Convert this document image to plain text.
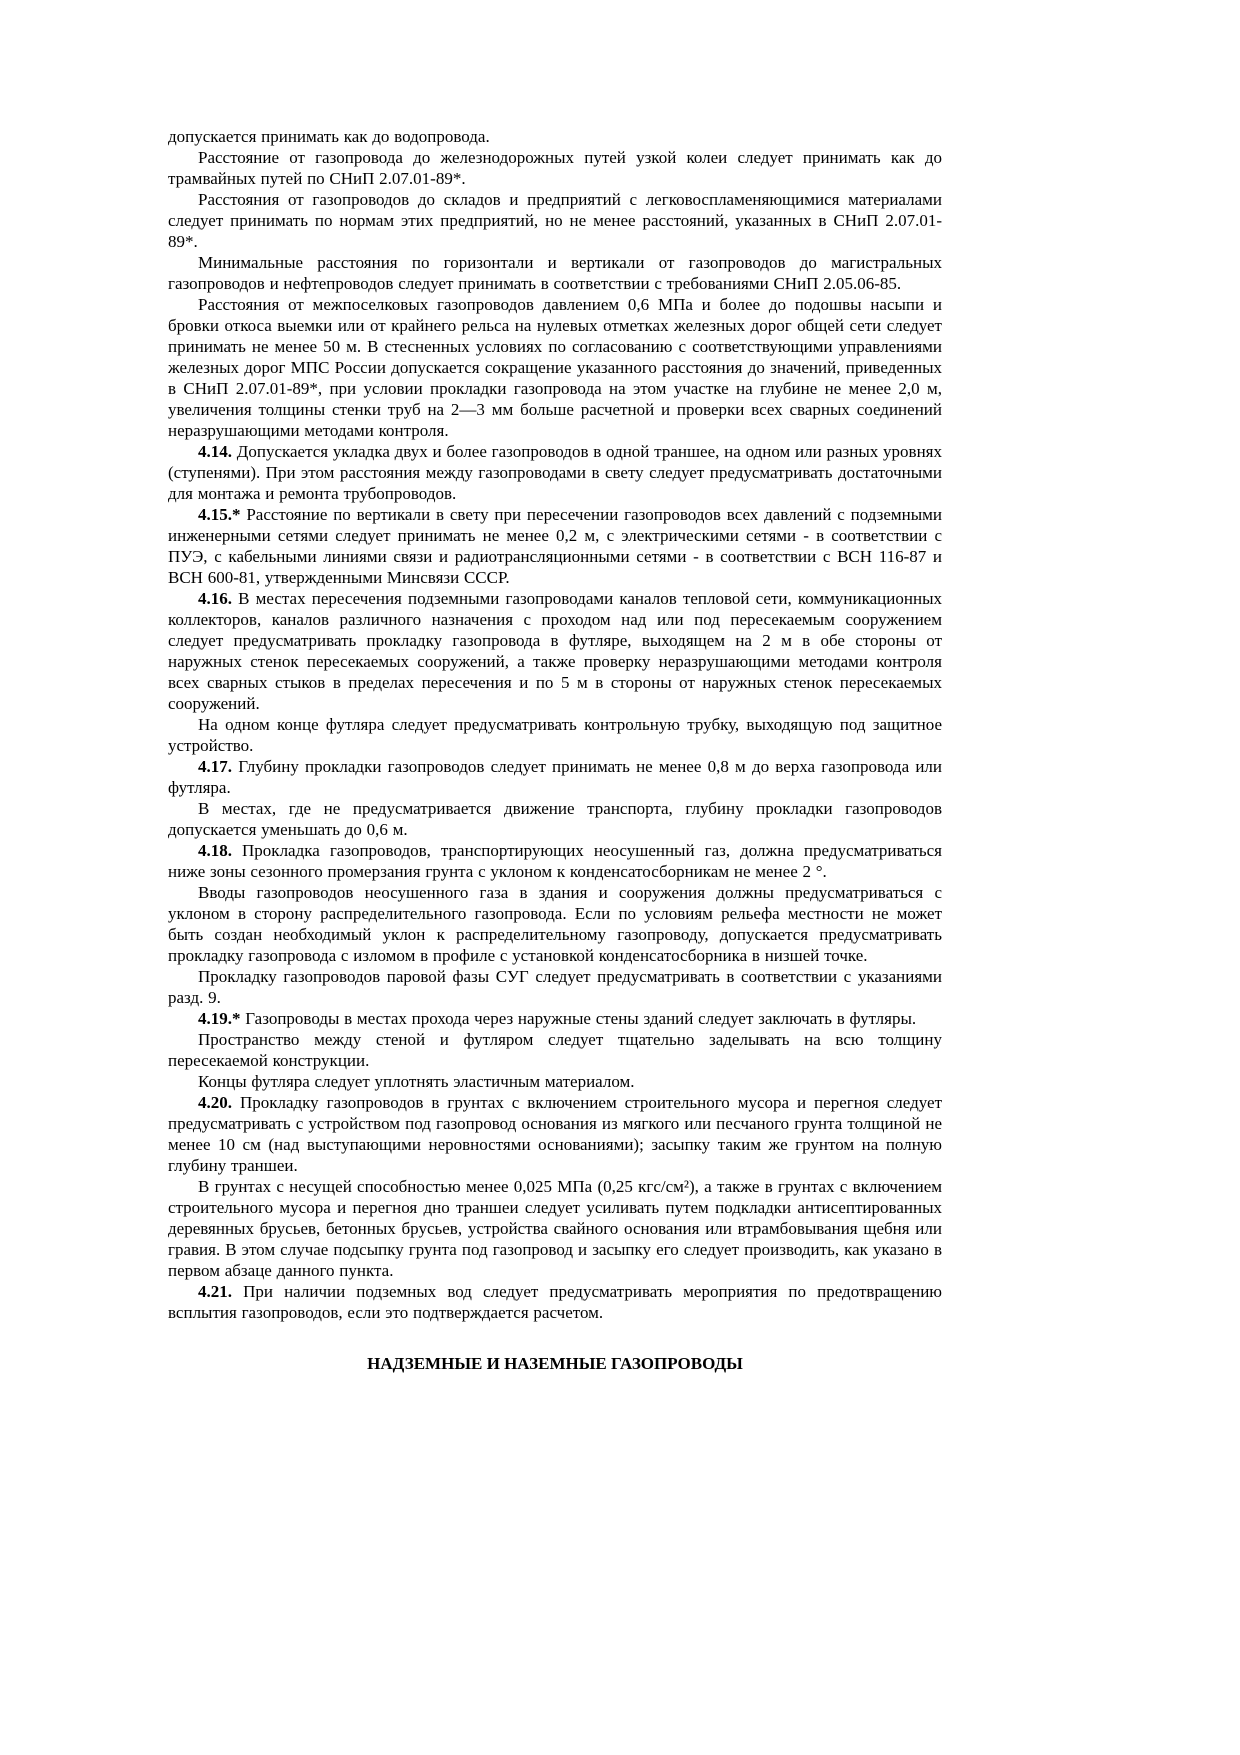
допускается принимать как до водопровода.

Расстояние от газопровода до железнодорожных путей узкой колеи следует принимать как до трамвайных путей по СНиП 2.07.01-89*.

Расстояния от газопроводов до складов и предприятий с легковоспламеняющимися материалами следует принимать по нормам этих предприятий, но не менее расстояний, указанных в СНиП 2.07.01-89*.

Минимальные расстояния по горизонтали и вертикали от газопроводов до магистральных газопроводов и нефтепроводов следует принимать в соответствии с требованиями СНиП 2.05.06-85.

Расстояния от межпоселковых газопроводов давлением 0,6 МПа и более до подошвы насыпи и бровки откоса выемки или от крайнего рельса на нулевых отметках железных дорог общей сети следует принимать не менее 50 м. В стесненных условиях по согласованию с соответствующими управлениями железных дорог МПС России допускается сокращение указанного расстояния до значений, приведенных в СНиП 2.07.01-89*, при условии прокладки газопровода на этом участке на глубине не менее 2,0 м, увеличения толщины стенки труб на 2—3 мм больше расчетной и проверки всех сварных соединений неразрушающими методами контроля.

4.14. Допускается укладка двух и более газопроводов в одной траншее, на одном или разных уровнях (ступенями). При этом расстояния между газопроводами в свету следует предусматривать достаточными для монтажа и ремонта трубопроводов.

4.15.* Расстояние по вертикали в свету при пересечении газопроводов всех давлений с подземными инженерными сетями следует принимать не менее 0,2 м, с электрическими сетями - в соответствии с ПУЭ, с кабельными линиями связи и радиотрансляционными сетями - в соответствии с ВСН 116-87 и ВСН 600-81, утвержденными Минсвязи СССР.

4.16. В местах пересечения подземными газопроводами каналов тепловой сети, коммуникационных коллекторов, каналов различного назначения с проходом над или под пересекаемым сооружением следует предусматривать прокладку газопровода в футляре, выходящем на 2 м в обе стороны от наружных стенок пересекаемых сооружений, а также проверку неразрушающими методами контроля всех сварных стыков в пределах пересечения и по 5 м в стороны от наружных стенок пересекаемых сооружений.

На одном конце футляра следует предусматривать контрольную трубку, выходящую под защитное устройство.

4.17. Глубину прокладки газопроводов следует принимать не менее 0,8 м до верха газопровода или футляра.

В местах, где не предусматривается движение транспорта, глубину прокладки газопроводов допускается уменьшать до 0,6 м.

4.18. Прокладка газопроводов, транспортирующих неосушенный газ, должна предусматриваться ниже зоны сезонного промерзания грунта с уклоном к конденсатосборникам не менее 2 °.

Вводы газопроводов неосушенного газа в здания и сооружения должны предусматриваться с уклоном в сторону распределительного газопровода. Если по условиям рельефа местности не может быть создан необходимый уклон к распределительному газопроводу, допускается предусматривать прокладку газопровода с изломом в профиле с установкой конденсатосборника в низшей точке.

Прокладку газопроводов паровой фазы СУГ следует предусматривать в соответствии с указаниями разд. 9.

4.19.* Газопроводы в местах прохода через наружные стены зданий следует заключать в футляры.

Пространство между стеной и футляром следует тщательно заделывать на всю толщину пересекаемой конструкции.

Концы футляра следует уплотнять эластичным материалом.

4.20. Прокладку газопроводов в грунтах с включением строительного мусора и перегноя следует предусматривать с устройством под газопровод основания из мягкого или песчаного грунта толщиной не менее 10 см (над выступающими неровностями основаниями); засыпку таким же грунтом на полную глубину траншеи.

В грунтах с несущей способностью менее 0,025 МПа (0,25 кгс/см²), а также в грунтах с включением строительного мусора и перегноя дно траншеи следует усиливать путем подкладки антисептированных деревянных брусьев, бетонных брусьев, устройства свайного основания или втрамбовывания щебня или гравия. В этом случае подсыпку грунта под газопровод и засыпку его следует производить, как указано в первом абзаце данного пункта.

4.21. При наличии подземных вод следует предусматривать мероприятия по предотвращению всплытия газопроводов, если это подтверждается расчетом.

НАДЗЕМНЫЕ И НАЗЕМНЫЕ ГАЗОПРОВОДЫ
